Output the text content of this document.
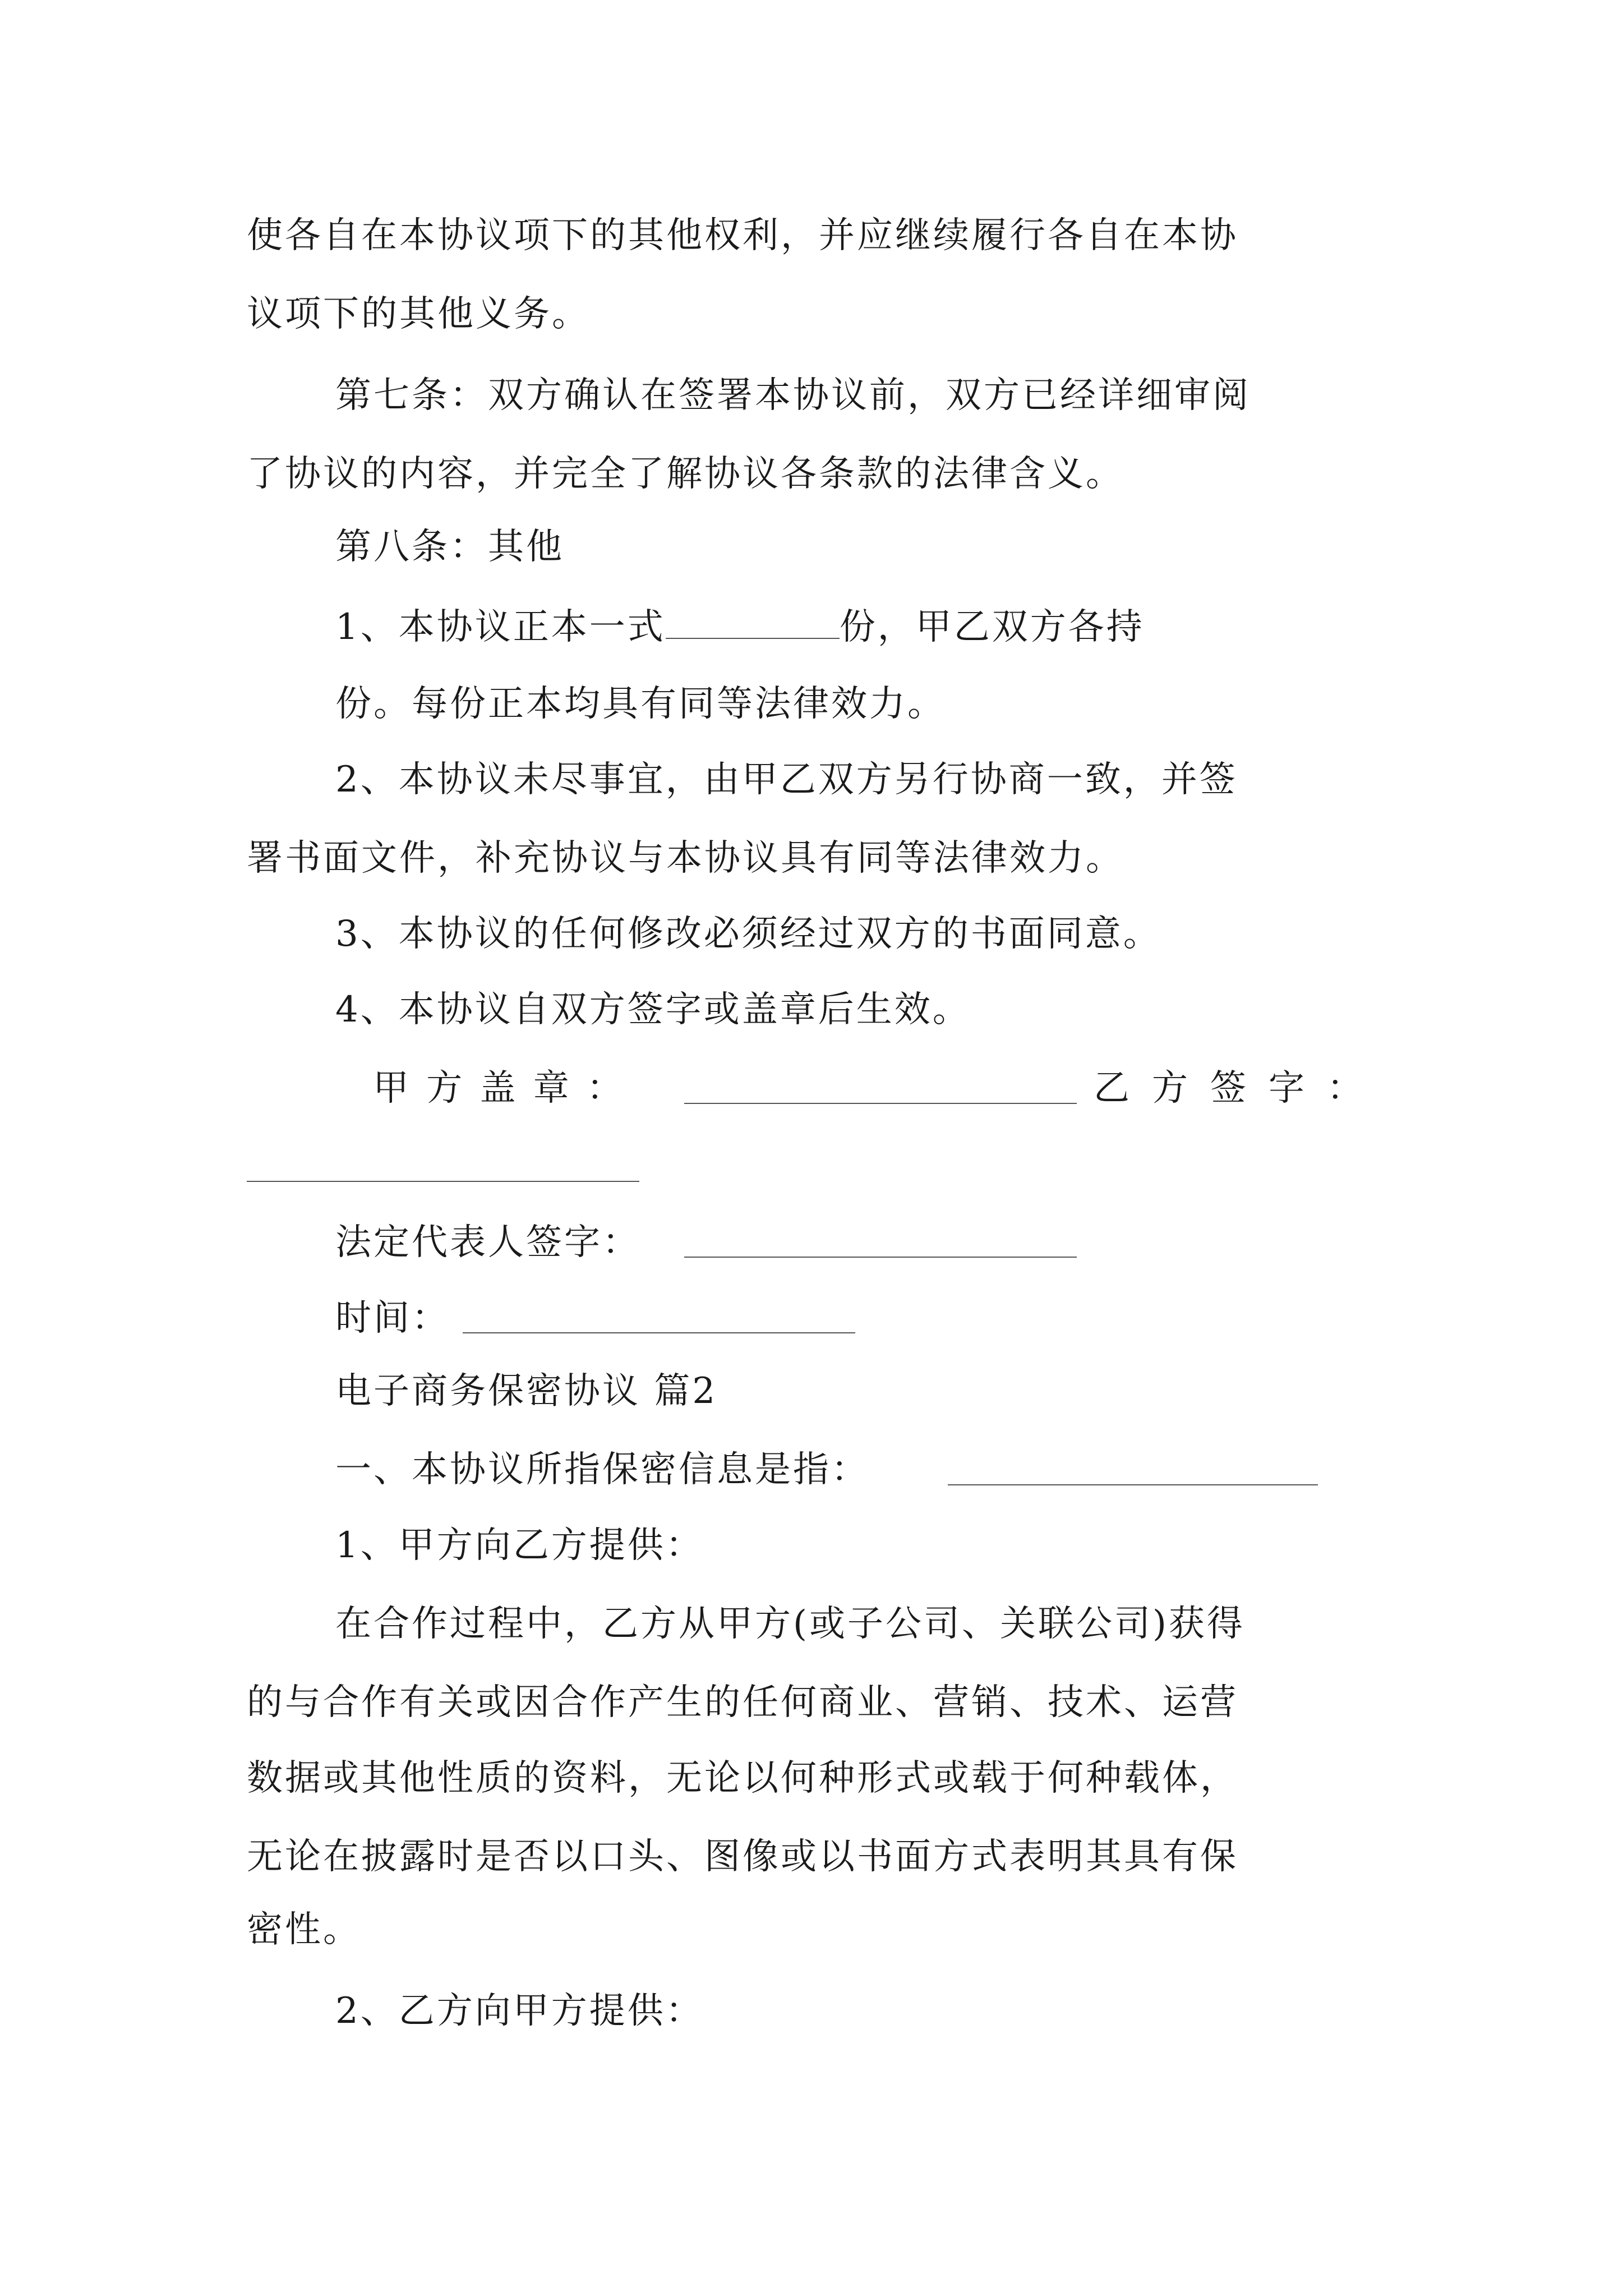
使各自在本协议项下的其他权利，并应继续履行各自在本协
议项下的其他义务。
第七条：双方确认在签署本协议前，双方已经详细审阅
了协议的内容，并完全了解协议各条款的法律含义。
第八条：其他
1、本协议正本一式	份，甲乙双方各持
份。每份正本均具有同等法律效力。
2、本协议未尽事宜，由甲乙双方另行协商一致，并签
署书面文件，补充协议与本协议具有同等法律效力。
3、本协议的任何修改必须经过双方的书面同意。
4、本协议自双方签字或盖章后生效。
甲 方 盖 章 ：	乙 方 签 字 ：
法定代表人签字：
时间：
电子商务保密协议 篇2
一、本协议所指保密信息是指：
1、甲方向乙方提供：
在合作过程中，乙方从甲方(或子公司、关联公司)获得
的与合作有关或因合作产生的任何商业、营销、技术、运营
数据或其他性质的资料，无论以何种形式或载于何种载体，
无论在披露时是否以口头、图像或以书面方式表明其具有保
密性。
2、乙方向甲方提供：
